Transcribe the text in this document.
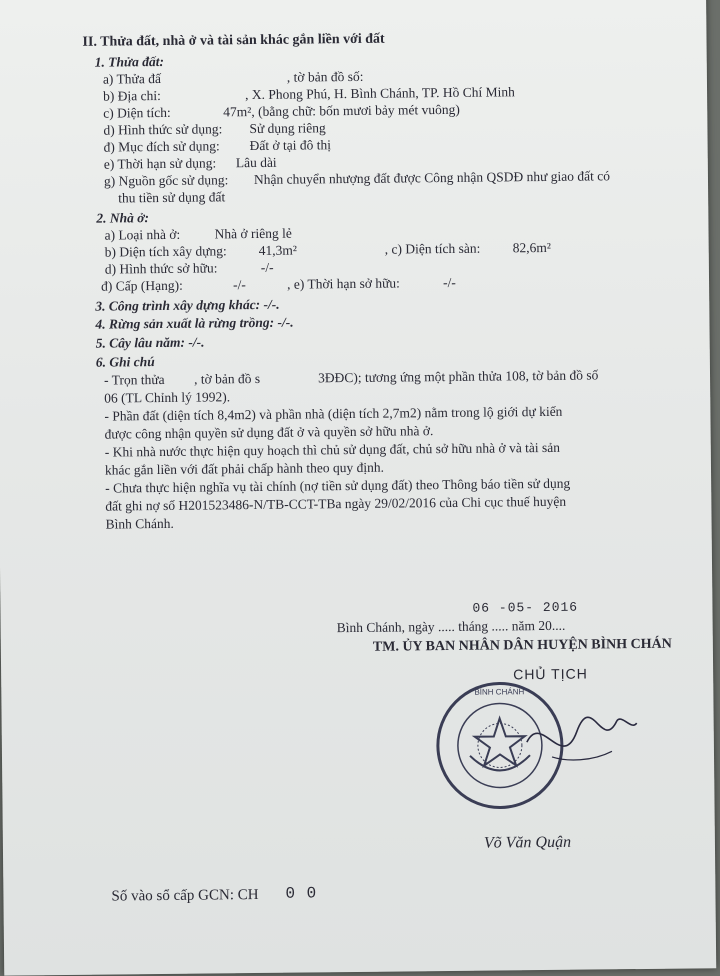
II. Thửa đất, nhà ở và tài sản khác gắn liền với đất
1. Thửa đất:
a) Thửa đấ	, tờ bản đồ số:
b) Địa chỉ:	, X. Phong Phú, H. Bình Chánh, TP. Hồ Chí Minh
c) Diện tích:	47m², (bằng chữ: bốn mươi bảy mét vuông)
d) Hình thức sử dụng: Sử dụng riêng
đ) Mục đích sử dụng: Đất ở tại đô thị
e) Thời hạn sử dụng: Lâu dài
g) Nguồn gốc sử dụng: Nhận chuyển nhượng đất được Công nhận QSDĐ như giao đất có
thu tiền sử dụng đất
2. Nhà ở:
a) Loại nhà ở:	Nhà ở riêng lẻ
b) Diện tích xây dựng: 41,3m²	, c) Diện tích sàn: 82,6m²
d) Hình thức sở hữu:	-/-
đ) Cấp (Hạng):	-/-	, e) Thời hạn sở hữu:	-/-
3. Công trình xây dựng khác: -/-.
4. Rừng sản xuất là rừng trồng: -/-.
5. Cây lâu năm: -/-.
6. Ghi chú
- Trọn thửa , tờ bản đồ s	3ĐĐC); tương ứng một phần thửa 108, tờ bản đồ số
06 (TL Chỉnh lý 1992).
- Phần đất (diện tích 8,4m2) và phần nhà (diện tích 2,7m2) nằm trong lộ giới dự kiến
được công nhận quyền sử dụng đất ở và quyền sở hữu nhà ở.
- Khi nhà nước thực hiện quy hoạch thì chủ sử dụng đất, chủ sở hữu nhà ở và tài sản
khác gắn liền với đất phải chấp hành theo quy định.
- Chưa thực hiện nghĩa vụ tài chính (nợ tiền sử dụng đất) theo Thông báo tiền sử dụng
đất ghi nợ số H201523486-N/TB-CCT-TBa ngày 29/02/2016 của Chi cục thuế huyện
Bình Chánh.
06 -05- 2016
Bình Chánh, ngày ..... tháng ..... năm 20....
TM. ỦY BAN NHÂN DÂN HUYỆN BÌNH CHÁN
CHỦ TỊCH
BÌNH CHÁNH
Võ Văn Quận
Số vào sổ cấp GCN: CH 0 0
